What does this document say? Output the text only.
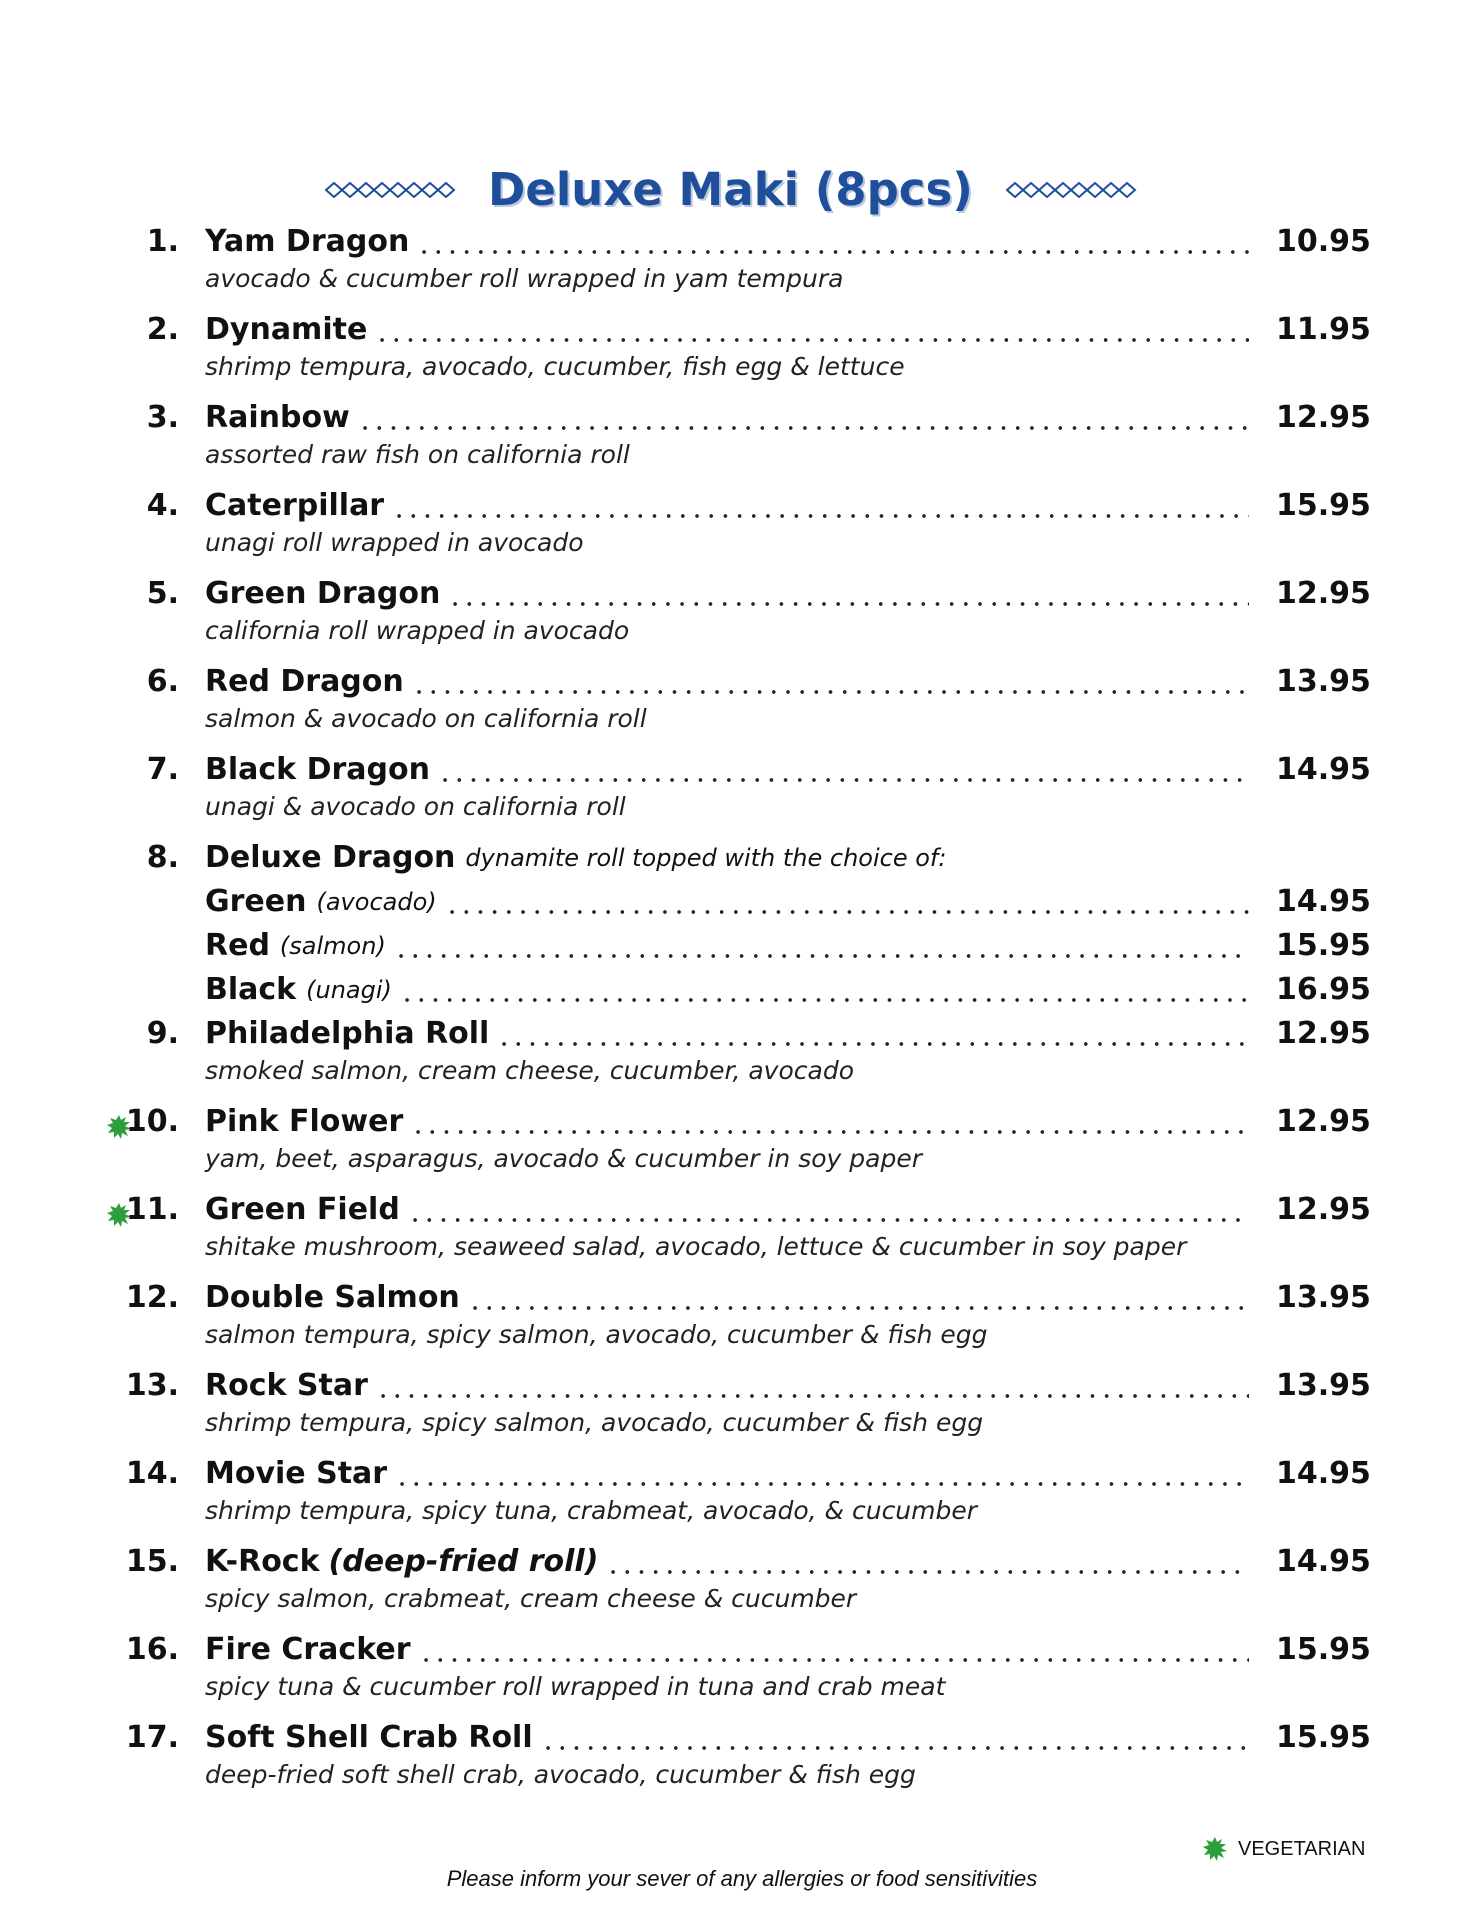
Deluxe Maki (8pcs)
1. Yam Dragon	10.95
avocado & cucumber roll wrapped in yam tempura
2. Dynamite	11.95
shrimp tempura, avocado, cucumber, fish egg & lettuce
3. Rainbow	12.95
assorted raw fish on california roll
4. Caterpillar	15.95
unagi roll wrapped in avocado
5. Green Dragon	12.95
california roll wrapped in avocado
6. Red Dragon	13.95
salmon & avocado on california roll
7. Black Dragon	14.95
unagi & avocado on california roll
8. Deluxe Dragon dynamite roll topped with the choice of:
Green (avocado)	14.95
Red (salmon)	15.95
Black (unagi)	16.95
9. Philadelphia Roll	12.95
smoked salmon, cream cheese, cucumber, avocado
10. Pink Flower	12.95
yam, beet, asparagus, avocado & cucumber in soy paper
11. Green Field	12.95
shitake mushroom, seaweed salad, avocado, lettuce & cucumber in soy paper
12. Double Salmon	13.95
salmon tempura, spicy salmon, avocado, cucumber & fish egg
13. Rock Star	13.95
shrimp tempura, spicy salmon, avocado, cucumber & fish egg
14. Movie Star	14.95
shrimp tempura, spicy tuna, crabmeat, avocado, & cucumber
15. K-Rock (deep-fried roll)	14.95
spicy salmon, crabmeat, cream cheese & cucumber
16. Fire Cracker	15.95
spicy tuna & cucumber roll wrapped in tuna and crab meat
17. Soft Shell Crab Roll	15.95
deep-fried soft shell crab, avocado, cucumber & fish egg
VEGETARIAN
Please inform your sever of any allergies or food sensitivities
